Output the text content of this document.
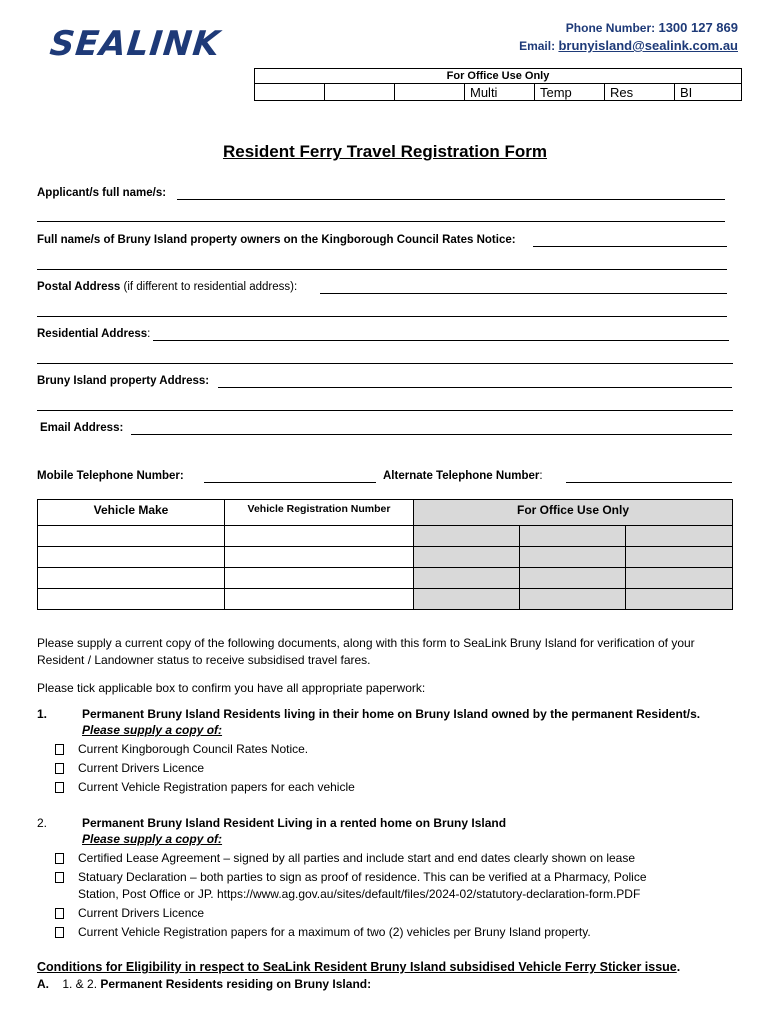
SEALINK	Phone Number: 1300 127 869
Email: brunyisland@sealink.com.au
For Office Use Only
			Multi	Temp	Res	BI
Resident Ferry Travel Registration Form
Applicant/s full name/s:
Full name/s of Bruny Island property owners on the Kingborough Council Rates Notice:
Postal Address (if different to residential address):
Residential Address:
Bruny Island property Address:
Email Address:
Mobile Telephone Number:	Alternate Telephone Number:
Vehicle Make	Vehicle Registration Number	For Office Use Only		

Please supply a current copy of the following documents, along with this form to SeaLink Bruny Island for verification of your Resident / Landowner status to receive subsidised travel fares.
Please tick applicable box to confirm you have all appropriate paperwork:
1.	Permanent Bruny Island Residents living in their home on Bruny Island owned by the permanent Resident/s.
Please supply a copy of:
Current Kingborough Council Rates Notice.
Current Drivers Licence
Current Vehicle Registration papers for each vehicle
2.	Permanent Bruny Island Resident Living in a rented home on Bruny Island
Please supply a copy of:
Certified Lease Agreement – signed by all parties and include start and end dates clearly shown on lease
Statuary Declaration – both parties to sign as proof of residence. This can be verified at a Pharmacy, Police
Station, Post Office or JP. https://www.ag.gov.au/sites/default/files/2024-02/statutory-declaration-form.PDF
Current Drivers Licence
Current Vehicle Registration papers for a maximum of two (2) vehicles per Bruny Island property.
Conditions for Eligibility in respect to SeaLink Resident Bruny Island subsidised Vehicle Ferry Sticker issue.
A. 1. & 2. Permanent Residents residing on Bruny Island:
